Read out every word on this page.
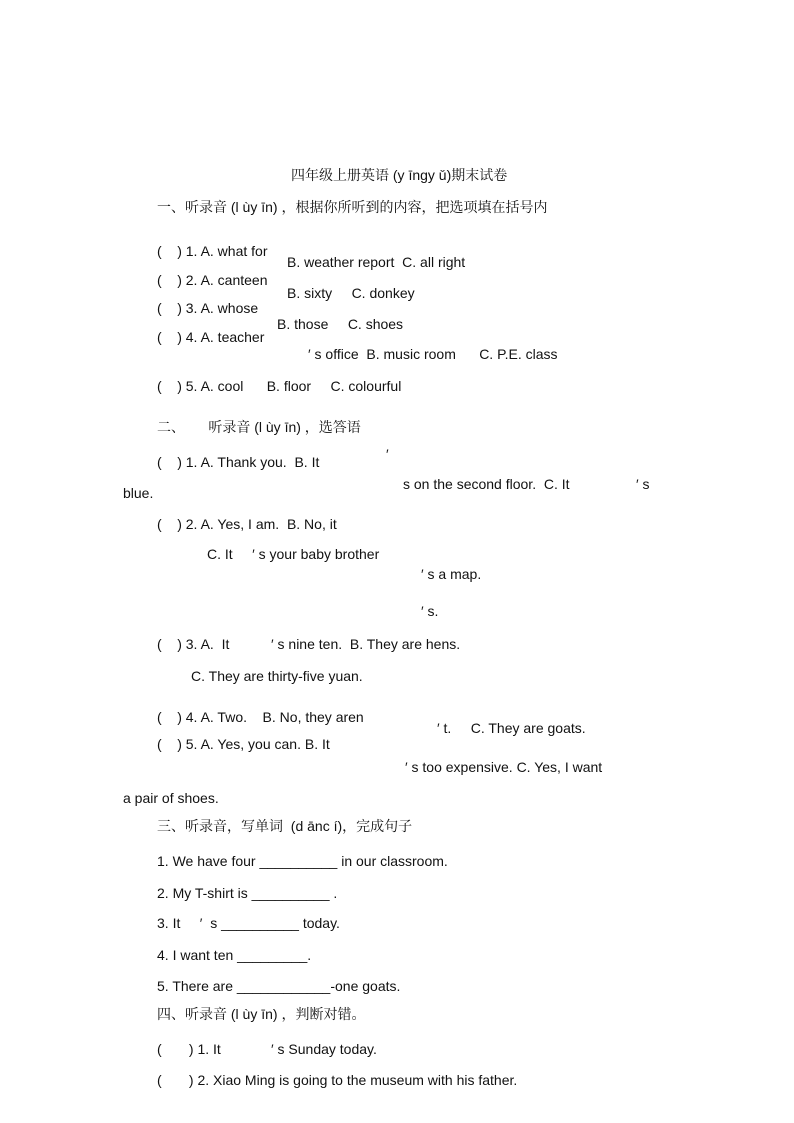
四年级上册英语 (y īngy ǔ)期末试卷
一、听录音 (l ùy īn) ，根据你所听到的内容，把选项填在括号内
(    ) 1. A. what for
B. weather report  C. all right
(    ) 2. A. canteen
B. sixty     C. donkey
(    ) 3. A. whose
B. those     C. shoes
(    ) 4. A. teacher
′ s office  B. music room      C. P.E. class
(    ) 5. A. cool      B. floor     C. colourful
二、      听录音 (l ùy īn) ，选答语
(    ) 1. A. Thank you.  B. It	′
s on the second floor.  C. It	′ s
blue.
(    ) 2. A. Yes, I am.  B. No, it
C. It     ′ s your baby brother
′ s a map.
′ s.
(    ) 3. A.  It	′ s nine ten.  B. They are hens.
C. They are thirty-five yuan.
(    ) 4. A. Two.    B. No, they aren
′ t.     C. They are goats.
(    ) 5. A. Yes, you can. B. It
′ s too expensive. C. Yes, I want
a pair of shoes.
三、听录音，写单词  (d ānc í)，完成句子
1. We have four __________ in our classroom.
2. My T-shirt is __________ .
3. It     ′  s __________ today.
4. I want ten _________.
5. There are ____________-one goats.
四、听录音 (l ùy īn) ，判断对错。
(       ) 1. It	′ s Sunday today.
(       ) 2. Xiao Ming is going to the museum with his father.
